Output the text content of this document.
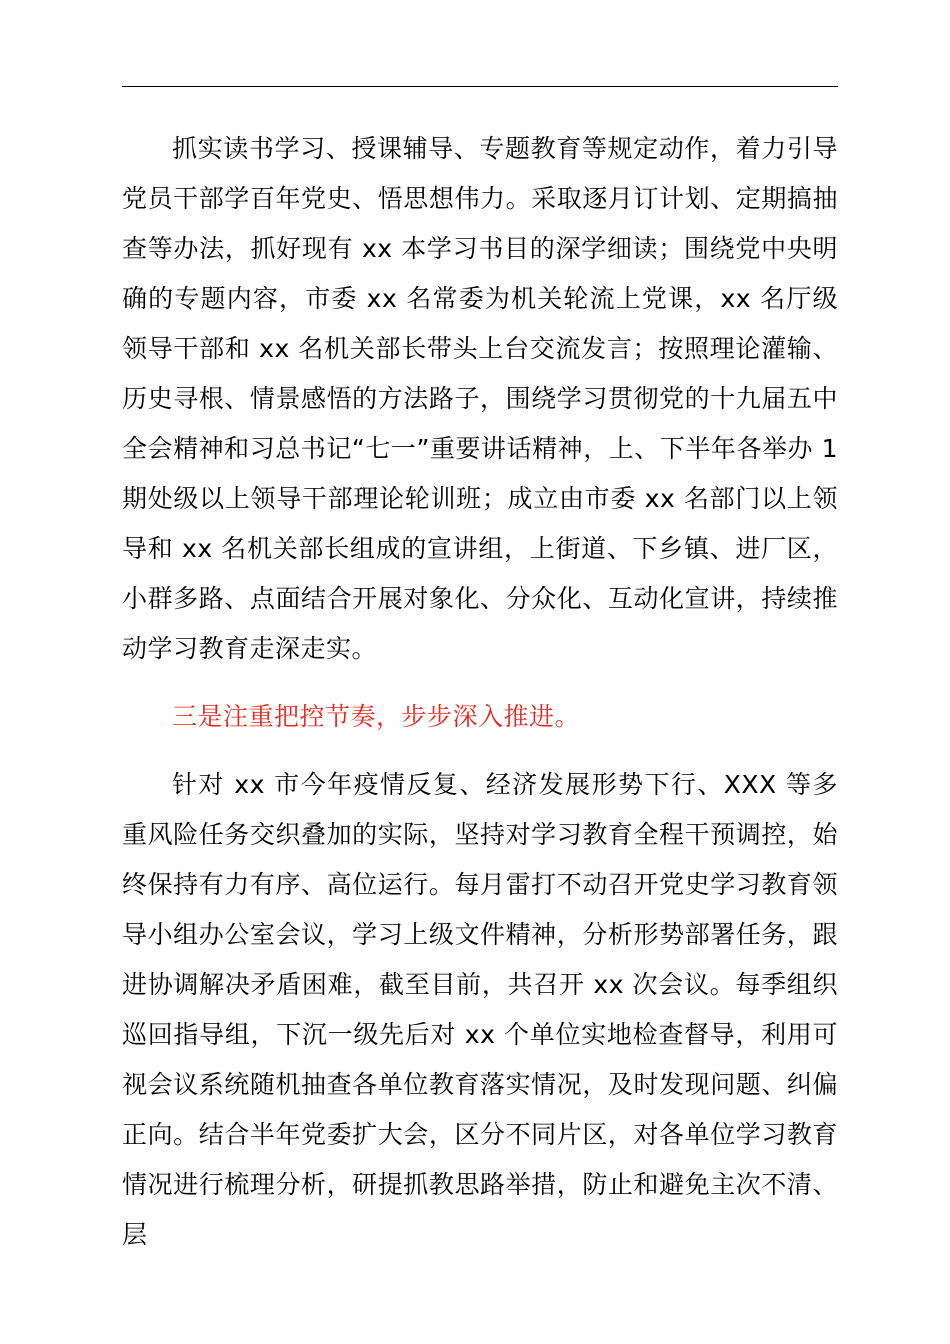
抓实读书学习、授课辅导、专题教育等规定动作，着力引导党员干部学百年党史、悟思想伟力。采取逐月订计划、定期搞抽查等办法，抓好现有 xx 本学习书目的深学细读；围绕党中央明确的专题内容，市委 xx 名常委为机关轮流上党课，xx 名厅级领导干部和 xx 名机关部长带头上台交流发言；按照理论灌输、历史寻根、情景感悟的方法路子，围绕学习贯彻党的十九届五中全会精神和习总书记“七一”重要讲话精神，上、下半年各举办 1 期处级以上领导干部理论轮训班；成立由市委 xx 名部门以上领导和 xx 名机关部长组成的宣讲组，上街道、下乡镇、进厂区，小群多路、点面结合开展对象化、分众化、互动化宣讲，持续推动学习教育走深走实。

三是注重把控节奏，步步深入推进。

针对 xx 市今年疫情反复、经济发展形势下行、XXX 等多重风险任务交织叠加的实际，坚持对学习教育全程干预调控，始终保持有力有序、高位运行。每月雷打不动召开党史学习教育领导小组办公室会议，学习上级文件精神，分析形势部署任务，跟进协调解决矛盾困难，截至目前，共召开 xx 次会议。每季组织巡回指导组，下沉一级先后对 xx 个单位实地检查督导，利用可视会议系统随机抽查各单位教育落实情况，及时发现问题、纠偏正向。结合半年党委扩大会，区分不同片区，对各单位学习教育情况进行梳理分析，研提抓教思路举措，防止和避免主次不清、层
